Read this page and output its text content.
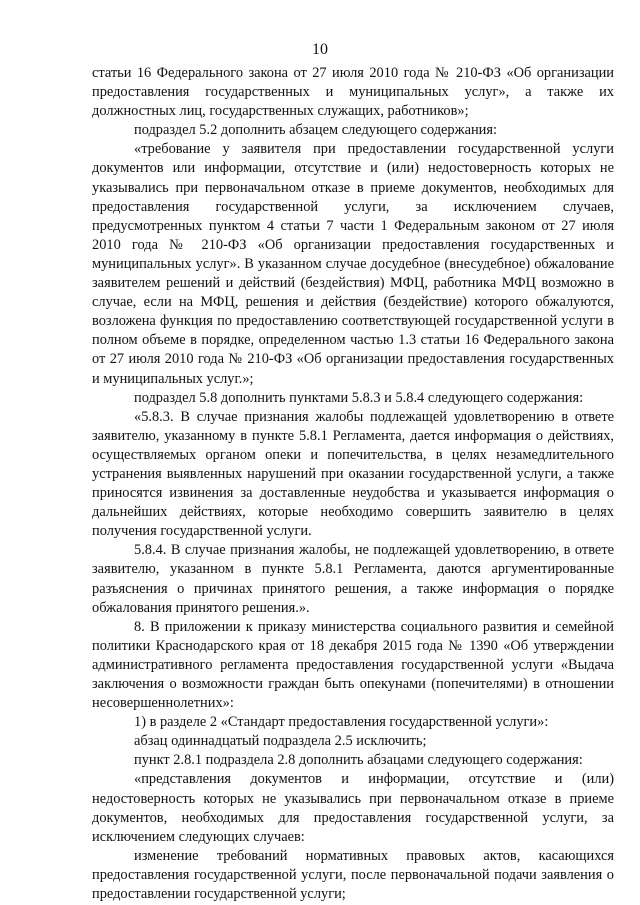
10

статьи 16 Федерального закона от 27 июля 2010 года № 210-ФЗ «Об организации предоставления государственных и муниципальных услуг», а также их должностных лиц, государственных служащих, работников»;

подраздел 5.2 дополнить абзацем следующего содержания:

«требование у заявителя при предоставлении государственной услуги документов или информации, отсутствие и (или) недостоверность которых не указывались при первоначальном отказе в приеме документов, необходимых для предоставления государственной услуги, за исключением случаев, предусмотренных пунктом 4 статьи 7 части 1 Федеральным законом от 27 июля 2010 года № 210-ФЗ «Об организации предоставления государственных и муниципальных услуг». В указанном случае досудебное (внесудебное) обжалование заявителем решений и действий (бездействия) МФЦ, работника МФЦ возможно в случае, если на МФЦ, решения и действия (бездействие) которого обжалуются, возложена функция по предоставлению соответствующей государственной услуги в полном объеме в порядке, определенном частью 1.3 статьи 16 Федерального закона от 27 июля 2010 года № 210-ФЗ «Об организации предоставления государственных и муниципальных услуг.»;

подраздел 5.8 дополнить пунктами 5.8.3 и 5.8.4 следующего содержания:

«5.8.3. В случае признания жалобы подлежащей удовлетворению в ответе заявителю, указанному в пункте 5.8.1 Регламента, дается информация о действиях, осуществляемых органом опеки и попечительства, в целях незамедлительного устранения выявленных нарушений при оказании государственной услуги, а также приносятся извинения за доставленные неудобства и указывается информация о дальнейших действиях, которые необходимо совершить заявителю в целях получения государственной услуги.

5.8.4. В случае признания жалобы, не подлежащей удовлетворению, в ответе заявителю, указанном в пункте 5.8.1 Регламента, даются аргументированные разъяснения о причинах принятого решения, а также информация о порядке обжалования принятого решения.».

8. В приложении к приказу министерства социального развития и семейной политики Краснодарского края от 18 декабря 2015 года № 1390 «Об утверждении административного регламента предоставления государственной услуги «Выдача заключения о возможности граждан быть опекунами (попечителями) в отношении несовершеннолетних»:

1) в разделе 2 «Стандарт предоставления государственной услуги»:

абзац одиннадцатый подраздела 2.5 исключить;

пункт 2.8.1 подраздела 2.8 дополнить абзацами следующего содержания:

«представления документов и информации, отсутствие и (или) недостоверность которых не указывались при первоначальном отказе в приеме документов, необходимых для предоставления государственной услуги, за исключением следующих случаев:

изменение требований нормативных правовых актов, касающихся предоставления государственной услуги, после первоначальной подачи заявления о предоставлении государственной услуги;
